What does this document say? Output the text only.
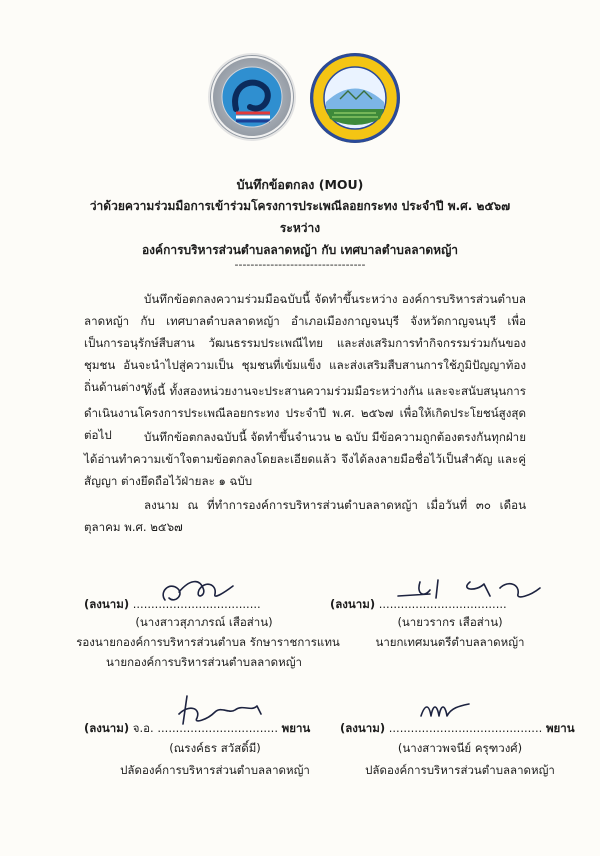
บันทึกข้อตกลง (MOU)
ว่าด้วยความร่วมมือการเข้าร่วมโครงการประเพณีลอยกระทง ประจำปี พ.ศ. ๒๕๖๗
ระหว่าง
องค์การบริหารส่วนตำบลลาดหญ้า กับ เทศบาลตำบลลาดหญ้า
---------------------------------
บันทึกข้อตกลงความร่วมมือฉบับนี้ จัดทำขึ้นระหว่าง องค์การบริหารส่วนตำบลลาดหญ้า กับ เทศบาลตำบลลาดหญ้า อำเภอเมืองกาญจนบุรี จังหวัดกาญจนบุรี เพื่อเป็นการอนุรักษ์สืบสาน วัฒนธรรมประเพณีไทย และส่งเสริมการทำกิจกรรมร่วมกันของชุมชน อันจะนำไปสู่ความเป็น ชุมชนที่เข้มแข็ง และส่งเสริมสืบสานการใช้ภูมิปัญญาท้องถิ่นด้านต่างๆ
ทั้งนี้ ทั้งสองหน่วยงานจะประสานความร่วมมือระหว่างกัน และจะสนับสนุนการ ดำเนินงานโครงการประเพณีลอยกระทง ประจำปี พ.ศ. ๒๕๖๗ เพื่อให้เกิดประโยชน์สูงสุดต่อไป	บันทึกข้อตกลงฉบับนี้ จัดทำขึ้นจำนวน ๒ ฉบับ มีข้อความถูกต้องตรงกันทุกฝ่าย ได้อ่านทำความเข้าใจตามข้อตกลงโดยละเอียดแล้ว จึงได้ลงลายมือชื่อไว้เป็นสำคัญ และคู่สัญญา ต่างยึดถือไว้ฝ่ายละ ๑ ฉบับ
ลงนาม ณ ที่ทำการองค์การบริหารส่วนตำบลลาดหญ้า เมื่อวันที่ ๓๐ เดือน ตุลาคม พ.ศ. ๒๕๖๗
(ลงนาม) ...................................
(นางสาวสุภาภรณ์ เสือส่าน)
รองนายกองค์การบริหารส่วนตำบล รักษาราชการแทน
นายกองค์การบริหารส่วนตำบลลาดหญ้า
(ลงนาม) ...................................
(นายวรากร เสือส่าน)
นายกเทศมนตรีตำบลลาดหญ้า
(ลงนาม) จ.อ. ................................. พยาน
(ณรงค์ธร สวัสดิ์มี)
ปลัดองค์การบริหารส่วนตำบลลาดหญ้า
(ลงนาม) .......................................... พยาน
(นางสาวพจนีย์ ครุฑวงศ์)
ปลัดองค์การบริหารส่วนตำบลลาดหญ้า
